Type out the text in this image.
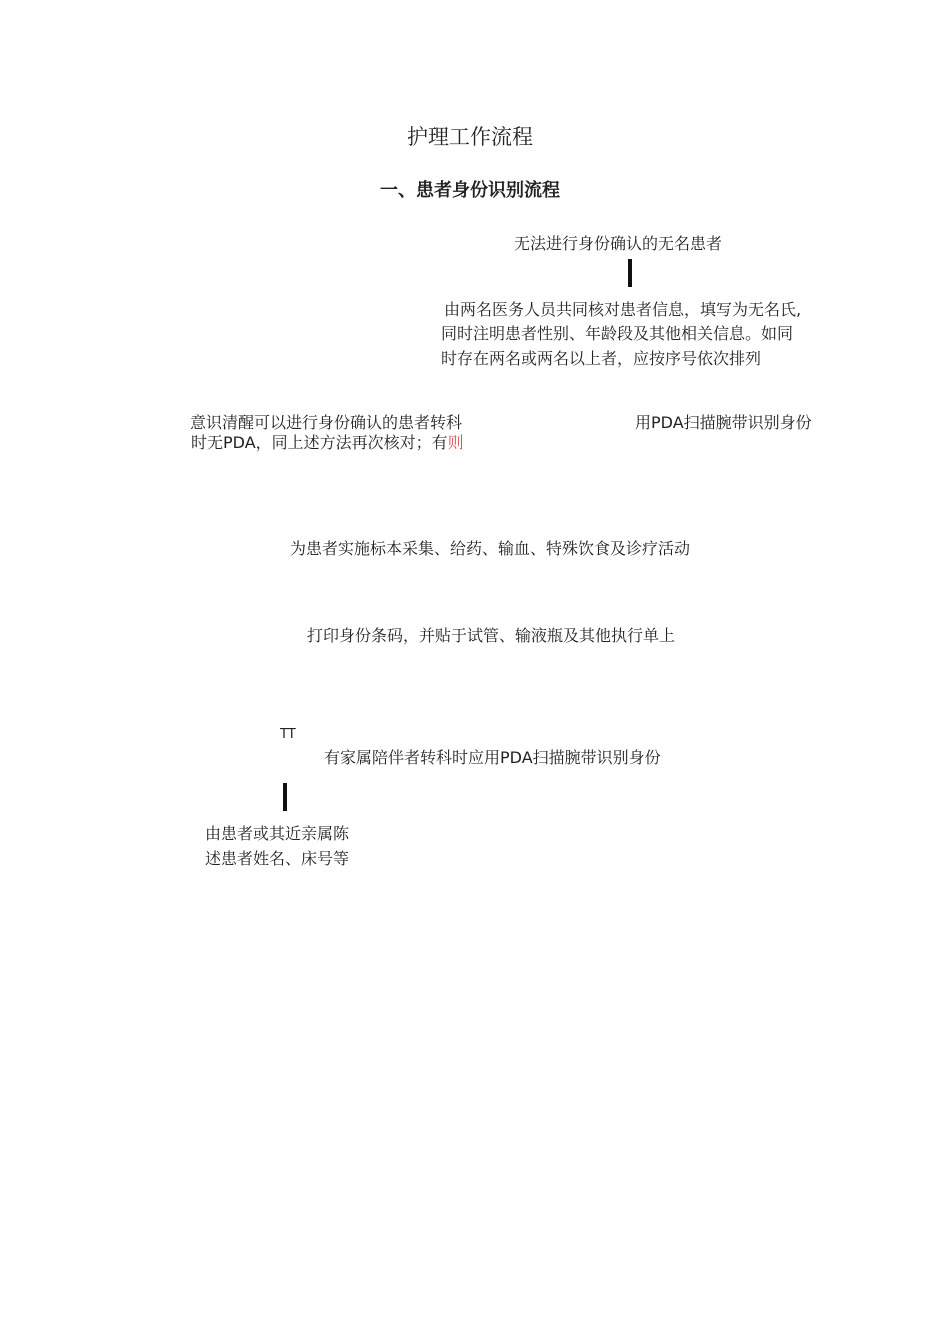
护理工作流程
一、患者身份识别流程
无法进行身份确认的无名患者
由两名医务人员共同核对患者信息，填写为无名氏,
同时注明患者性别、年龄段及其他相关信息。如同
时存在两名或两名以上者，应按序号依次排列
意识清醒可以进行身份确认的患者转科
时无PDA，同上述方法再次核对；有则
用PDA扫描腕带识别身份
为患者实施标本采集、给药、输血、特殊饮食及诊疗活动
打印身份条码，并贴于试管、输液瓶及其他执行单上
TT
有家属陪伴者转科时应用PDA扫描腕带识别身份
由患者或其近亲属陈
述患者姓名、床号等
